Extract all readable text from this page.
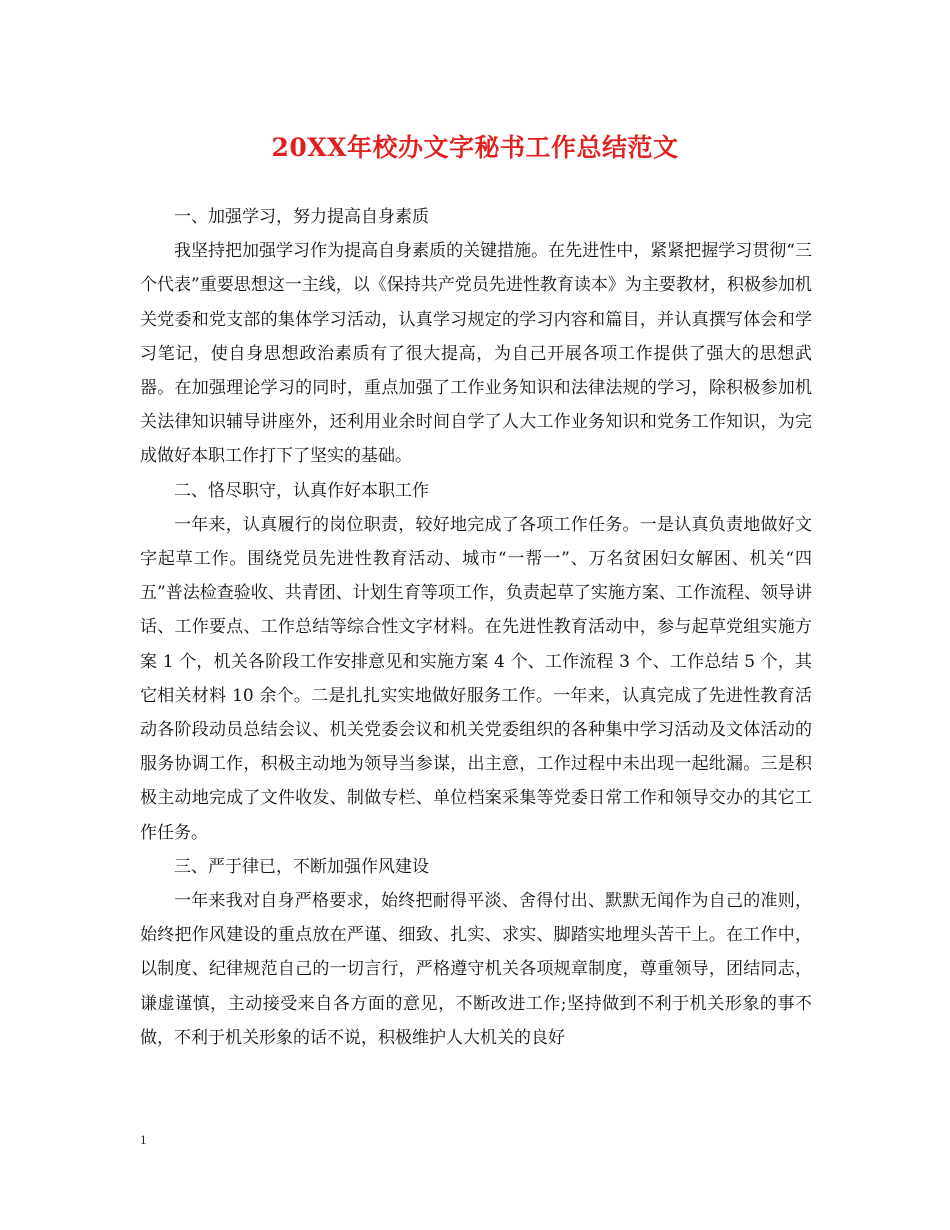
20XX年校办文字秘书工作总结范文

一、加强学习，努力提高自身素质

我坚持把加强学习作为提高自身素质的关键措施。在先进性中，紧紧把握学习贯彻“三个代表”重要思想这一主线，以《保持共产党员先进性教育读本》为主要教材，积极参加机关党委和党支部的集体学习活动，认真学习规定的学习内容和篇目，并认真撰写体会和学习笔记，使自身思想政治素质有了很大提高，为自己开展各项工作提供了强大的思想武器。在加强理论学习的同时，重点加强了工作业务知识和法律法规的学习，除积极参加机关法律知识辅导讲座外，还利用业余时间自学了人大工作业务知识和党务工作知识，为完成做好本职工作打下了坚实的基础。

二、恪尽职守，认真作好本职工作

一年来，认真履行的岗位职责，较好地完成了各项工作任务。一是认真负责地做好文字起草工作。围绕党员先进性教育活动、城市“一帮一”、万名贫困妇女解困、机关“四五”普法检查验收、共青团、计划生育等项工作，负责起草了实施方案、工作流程、领导讲话、工作要点、工作总结等综合性文字材料。在先进性教育活动中，参与起草党组实施方案 1 个，机关各阶段工作安排意见和实施方案 4 个、工作流程 3 个、工作总结 5 个，其它相关材料 10 余个。二是扎扎实实地做好服务工作。一年来，认真完成了先进性教育活动各阶段动员总结会议、机关党委会议和机关党委组织的各种集中学习活动及文体活动的服务协调工作，积极主动地为领导当参谋，出主意，工作过程中未出现一起纰漏。三是积极主动地完成了文件收发、制做专栏、单位档案采集等党委日常工作和领导交办的其它工作任务。

三、严于律已，不断加强作风建设

一年来我对自身严格要求，始终把耐得平淡、舍得付出、默默无闻作为自己的准则，始终把作风建设的重点放在严谨、细致、扎实、求实、脚踏实地埋头苦干上。在工作中，以制度、纪律规范自己的一切言行，严格遵守机关各项规章制度，尊重领导，团结同志，谦虚谨慎，主动接受来自各方面的意见，不断改进工作;坚持做到不利于机关形象的事不做，不利于机关形象的话不说，积极维护人大机关的良好

1
